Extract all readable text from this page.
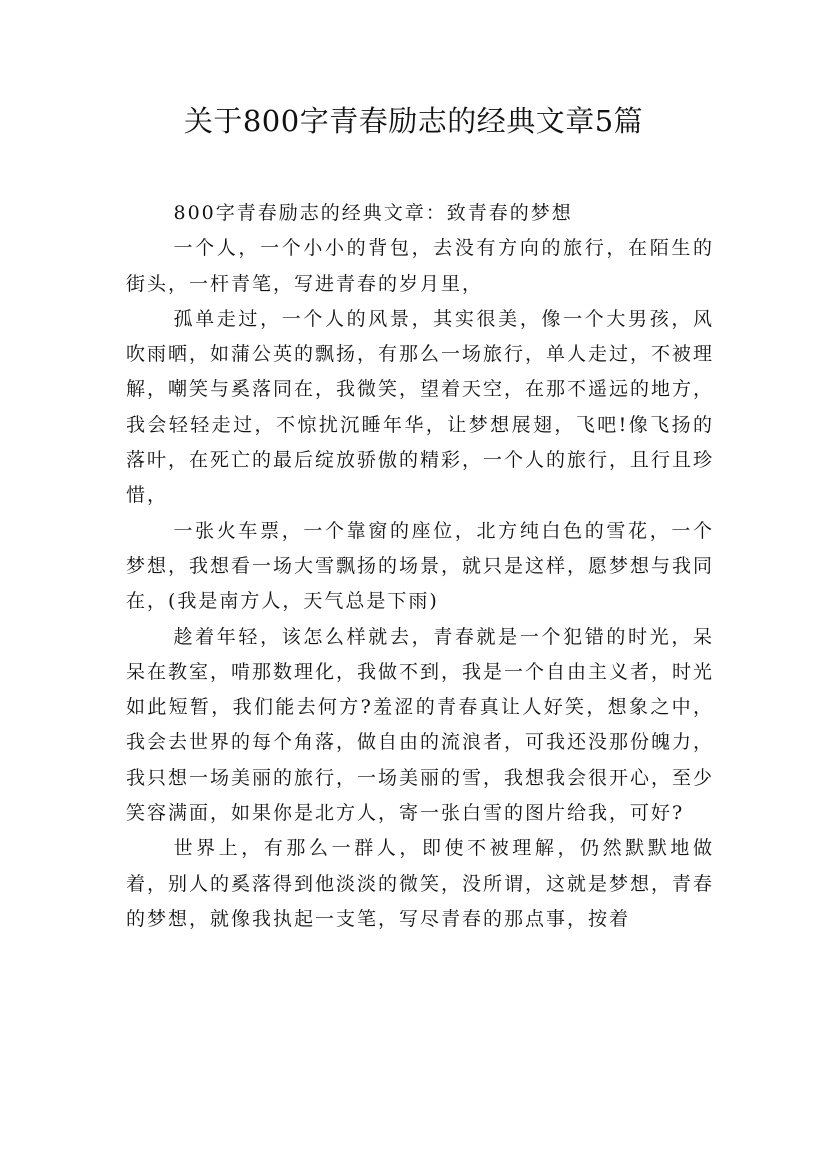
关于800字青春励志的经典文章5篇

800字青春励志的经典文章：致青春的梦想

一个人，一个小小的背包，去没有方向的旅行，在陌生的街头，一杆青笔，写进青春的岁月里，

孤单走过，一个人的风景，其实很美，像一个大男孩，风吹雨晒，如蒲公英的飘扬，有那么一场旅行，单人走过，不被理解，嘲笑与奚落同在，我微笑，望着天空，在那不遥远的地方，我会轻轻走过，不惊扰沉睡年华，让梦想展翅，飞吧!像飞扬的落叶，在死亡的最后绽放骄傲的精彩，一个人的旅行，且行且珍惜，

一张火车票，一个靠窗的座位，北方纯白色的雪花，一个梦想，我想看一场大雪飘扬的场景，就只是这样，愿梦想与我同在，(我是南方人，天气总是下雨)

趁着年轻，该怎么样就去，青春就是一个犯错的时光，呆呆在教室，啃那数理化，我做不到，我是一个自由主义者，时光如此短暂，我们能去何方?羞涩的青春真让人好笑，想象之中，我会去世界的每个角落，做自由的流浪者，可我还没那份魄力，我只想一场美丽的旅行，一场美丽的雪，我想我会很开心，至少笑容满面，如果你是北方人，寄一张白雪的图片给我，可好?

世界上，有那么一群人，即使不被理解，仍然默默地做着，别人的奚落得到他淡淡的微笑，没所谓，这就是梦想，青春的梦想，就像我执起一支笔，写尽青春的那点事，按着
